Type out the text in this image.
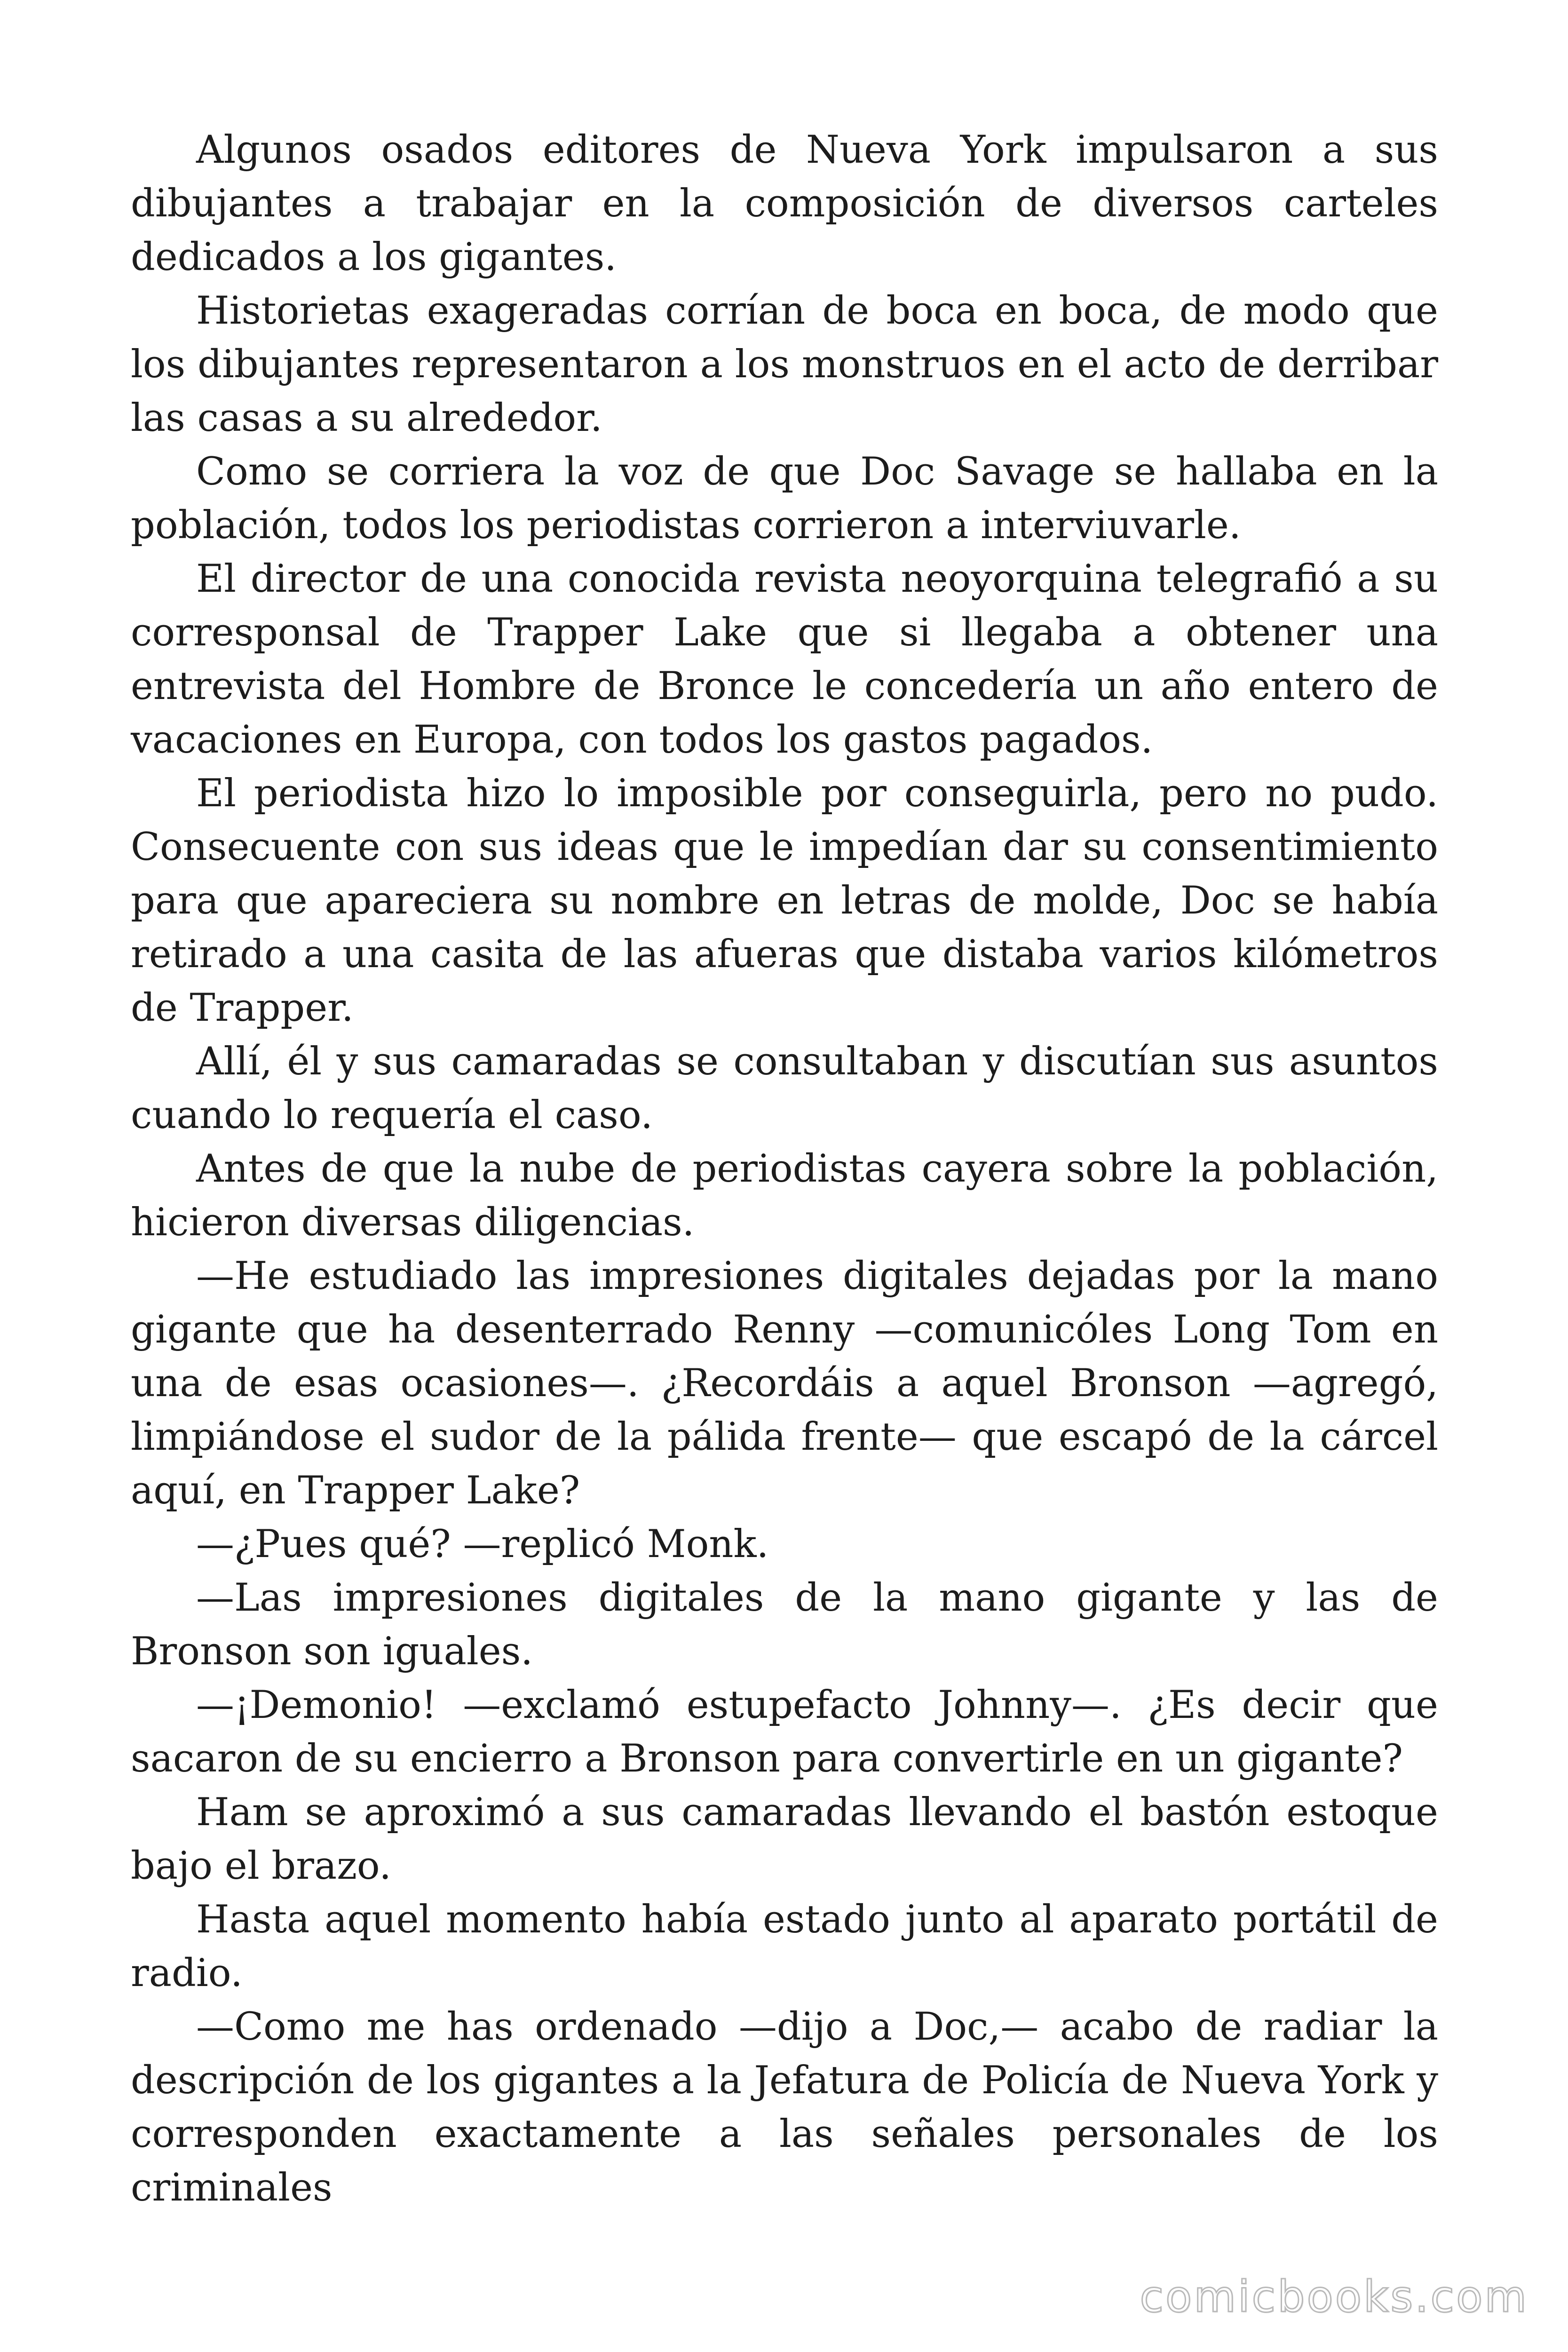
Algunos osados editores de Nueva York impulsaron a sus dibujantes a trabajar en la composición de diversos carteles dedicados a los gigantes.

Historietas exageradas corrían de boca en boca, de modo que los dibujantes representaron a los monstruos en el acto de derribar las casas a su alrededor.

Como se corriera la voz de que Doc Savage se hallaba en la población, todos los periodistas corrieron a interviuvarle.

El director de una conocida revista neoyorquina telegrafió a su corresponsal de Trapper Lake que si llegaba a obtener una entrevista del Hombre de Bronce le concedería un año entero de vacaciones en Europa, con todos los gastos pagados.

El periodista hizo lo imposible por conseguirla, pero no pudo. Consecuente con sus ideas que le impedían dar su consentimiento para que apareciera su nombre en letras de molde, Doc se había retirado a una casita de las afueras que distaba varios kilómetros de Trapper.

Allí, él y sus camaradas se consultaban y discutían sus asuntos cuando lo requería el caso.

Antes de que la nube de periodistas cayera sobre la población, hicieron diversas diligencias.

—He estudiado las impresiones digitales dejadas por la mano gigante que ha desenterrado Renny —comunicóles Long Tom en una de esas ocasiones—. ¿Recordáis a aquel Bronson —agregó, limpiándose el sudor de la pálida frente— que escapó de la cárcel aquí, en Trapper Lake?

—¿Pues qué? —replicó Monk.

—Las impresiones digitales de la mano gigante y las de Bronson son iguales.

—¡Demonio! —exclamó estupefacto Johnny—. ¿Es decir que sacaron de su encierro a Bronson para convertirle en un gigante?

Ham se aproximó a sus camaradas llevando el bastón estoque bajo el brazo.

Hasta aquel momento había estado junto al aparato portátil de radio.

—Como me has ordenado —dijo a Doc,— acabo de radiar la descripción de los gigantes a la Jefatura de Policía de Nueva York y corresponden exactamente a las señales personales de los criminales

comicbooks.com
